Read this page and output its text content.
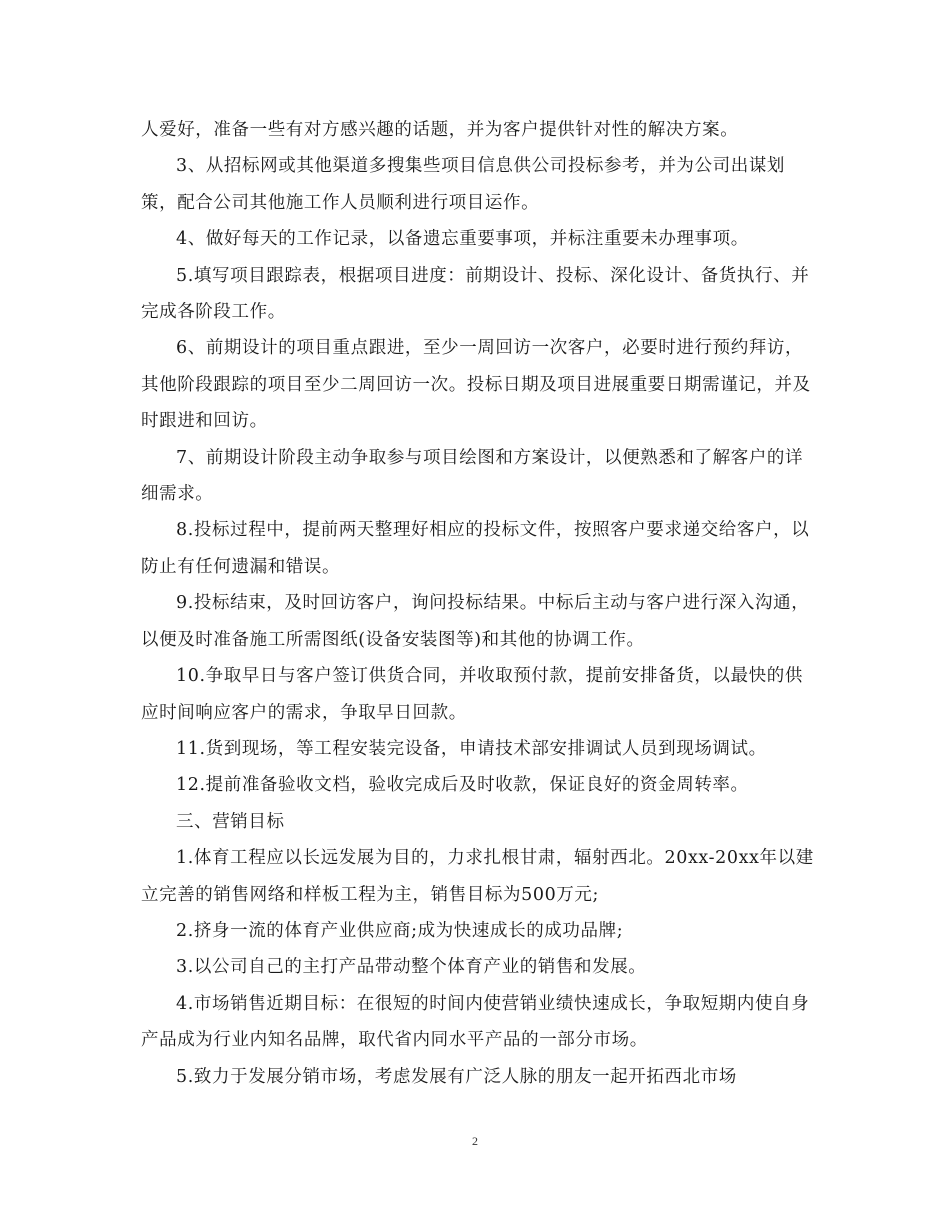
人爱好，准备一些有对方感兴趣的话题，并为客户提供针对性的解决方案。

3、从招标网或其他渠道多搜集些项目信息供公司投标参考，并为公司出谋划策，配合公司其他施工作人员顺利进行项目运作。

4、做好每天的工作记录，以备遗忘重要事项，并标注重要未办理事项。

5.填写项目跟踪表，根据项目进度：前期设计、投标、深化设计、备货执行、并完成各阶段工作。

6、前期设计的项目重点跟进，至少一周回访一次客户，必要时进行预约拜访，其他阶段跟踪的项目至少二周回访一次。投标日期及项目进展重要日期需谨记，并及时跟进和回访。

7、前期设计阶段主动争取参与项目绘图和方案设计，以便熟悉和了解客户的详细需求。

8.投标过程中，提前两天整理好相应的投标文件，按照客户要求递交给客户，以防止有任何遗漏和错误。

9.投标结束，及时回访客户，询问投标结果。中标后主动与客户进行深入沟通，以便及时准备施工所需图纸(设备安装图等)和其他的协调工作。

10.争取早日与客户签订供货合同，并收取预付款，提前安排备货，以最快的供应时间响应客户的需求，争取早日回款。

11.货到现场，等工程安装完设备，申请技术部安排调试人员到现场调试。

12.提前准备验收文档，验收完成后及时收款，保证良好的资金周转率。

三、营销目标

1.体育工程应以长远发展为目的，力求扎根甘肃，辐射西北。20xx-20xx年以建立完善的销售网络和样板工程为主，销售目标为500万元;

2.挤身一流的体育产业供应商;成为快速成长的成功品牌;

3.以公司自己的主打产品带动整个体育产业的销售和发展。

4.市场销售近期目标：在很短的时间内使营销业绩快速成长，争取短期内使自身产品成为行业内知名品牌，取代省内同水平产品的一部分市场。

5.致力于发展分销市场，考虑发展有广泛人脉的朋友一起开拓西北市场

2
